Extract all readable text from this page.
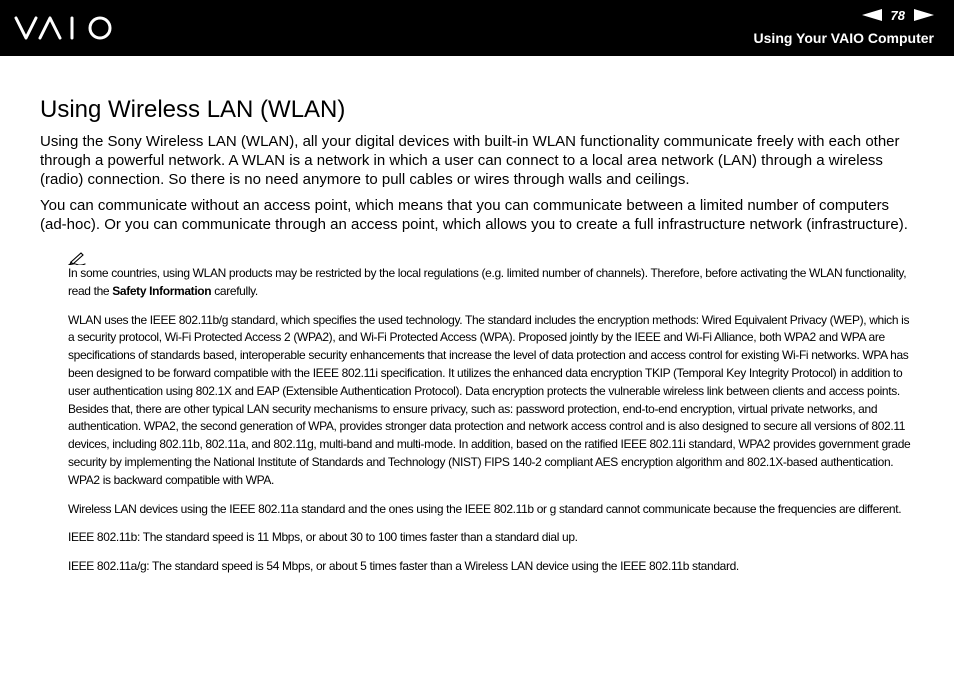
78
Using Your VAIO Computer
Using Wireless LAN (WLAN)

Using the Sony Wireless LAN (WLAN), all your digital devices with built-in WLAN functionality communicate freely with each other through a powerful network. A WLAN is a network in which a user can connect to a local area network (LAN) through a wireless (radio) connection. So there is no need anymore to pull cables or wires through walls and ceilings.

You can communicate without an access point, which means that you can communicate between a limited number of computers (ad-hoc). Or you can communicate through an access point, which allows you to create a full infrastructure network (infrastructure).

In some countries, using WLAN products may be restricted by the local regulations (e.g. limited number of channels). Therefore, before activating the WLAN functionality, read the Safety Information carefully.

WLAN uses the IEEE 802.11b/g standard, which specifies the used technology. The standard includes the encryption methods: Wired Equivalent Privacy (WEP), which is a security protocol, Wi-Fi Protected Access 2 (WPA2), and Wi-Fi Protected Access (WPA). Proposed jointly by the IEEE and Wi-Fi Alliance, both WPA2 and WPA are specifications of standards based, interoperable security enhancements that increase the level of data protection and access control for existing Wi-Fi networks. WPA has been designed to be forward compatible with the IEEE 802.11i specification. It utilizes the enhanced data encryption TKIP (Temporal Key Integrity Protocol) in addition to user authentication using 802.1X and EAP (Extensible Authentication Protocol). Data encryption protects the vulnerable wireless link between clients and access points. Besides that, there are other typical LAN security mechanisms to ensure privacy, such as: password protection, end-to-end encryption, virtual private networks, and authentication. WPA2, the second generation of WPA, provides stronger data protection and network access control and is also designed to secure all versions of 802.11 devices, including 802.11b, 802.11a, and 802.11g, multi-band and multi-mode. In addition, based on the ratified IEEE 802.11i standard, WPA2 provides government grade security by implementing the National Institute of Standards and Technology (NIST) FIPS 140-2 compliant AES encryption algorithm and 802.1X-based authentication. WPA2 is backward compatible with WPA.

Wireless LAN devices using the IEEE 802.11a standard and the ones using the IEEE 802.11b or g standard cannot communicate because the frequencies are different.

IEEE 802.11b: The standard speed is 11 Mbps, or about 30 to 100 times faster than a standard dial up.

IEEE 802.11a/g: The standard speed is 54 Mbps, or about 5 times faster than a Wireless LAN device using the IEEE 802.11b standard.
